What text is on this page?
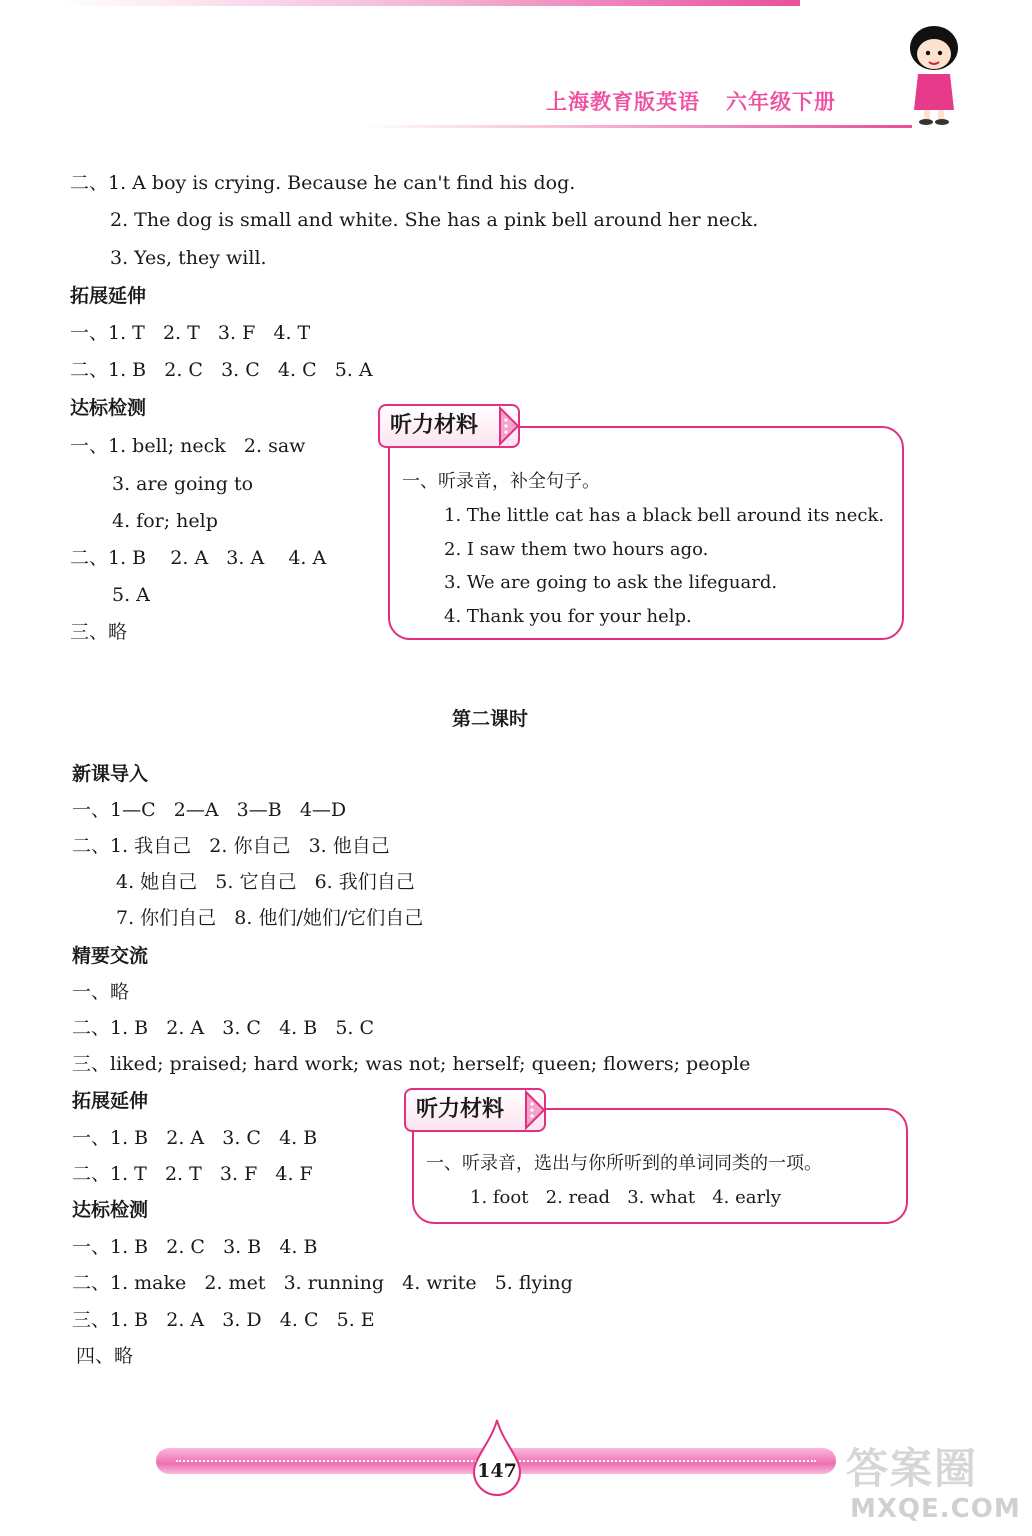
上海教育版英语 六年级下册
二、1. A boy is crying. Because he can't find his dog.
2. The dog is small and white. She has a pink bell around her neck.
3. Yes, they will.
拓展延伸
一、1. T   2. T   3. F   4. T
二、1. B   2. C   3. C   4. C   5. A
达标检测
一、1. bell; neck   2. saw
3. are going to
4. for; help
二、1. B    2. A   3. A    4. A
5. A
三、略
听力材料
一、听录音，补全句子。
1. The little cat has a black bell around its neck.
2. I saw them two hours ago.
3. We are going to ask the lifeguard.
4. Thank you for your help.
第二课时
新课导入
一、1—C   2—A   3—B   4—D
二、1. 我自己   2. 你自己   3. 他自己
4. 她自己   5. 它自己   6. 我们自己
7. 你们自己   8. 他们/她们/它们自己
精要交流
一、略
二、1. B   2. A   3. C   4. B   5. C
三、liked; praised; hard work; was not; herself; queen; flowers; people
拓展延伸
一、1. B   2. A   3. C   4. B
二、1. T   2. T   3. F   4. F
达标检测
一、1. B   2. C   3. B   4. B
二、1. make   2. met   3. running   4. write   5. flying
三、1. B   2. A   3. D   4. C   5. E
四、略
听力材料
一、听录音，选出与你所听到的单词同类的一项。
1. foot   2. read   3. what   4. early
147	答案圈
MXQE.COM
